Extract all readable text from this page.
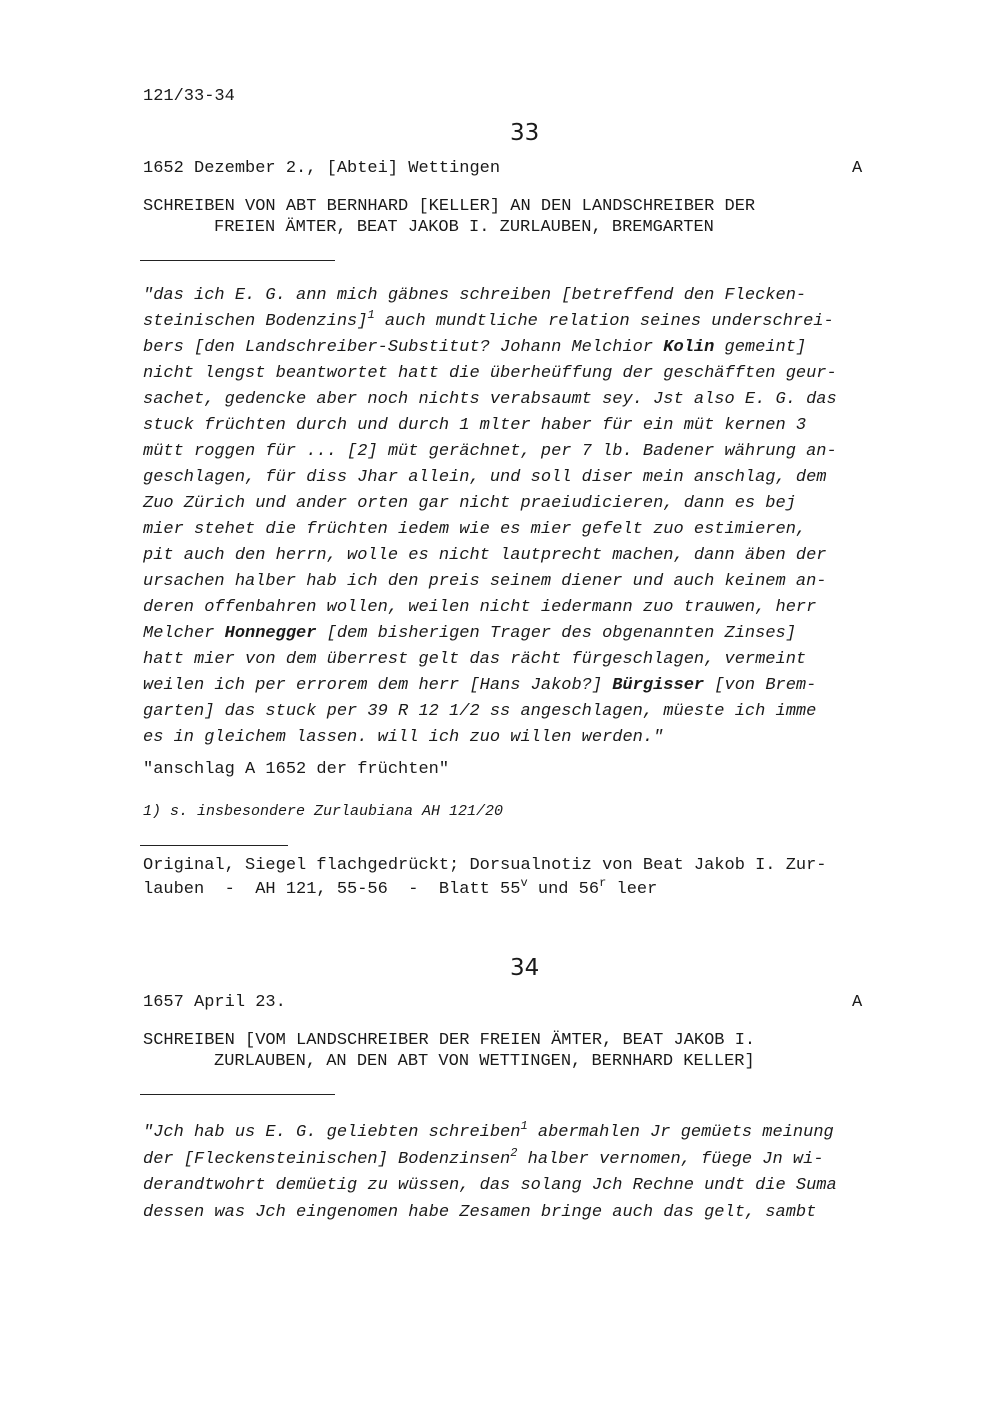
121/33-34
33
1652 Dezember 2., [Abtei] Wettingen	A
SCHREIBEN VON ABT BERNHARD [KELLER] AN DEN LANDSCHREIBER DER
FREIEN ÄMTER, BEAT JAKOB I. ZURLAUBEN, BREMGARTEN
"das ich E. G. ann mich gäbnes schreiben [betreffend den Flecken-
steinischen Bodenzins]$^1$ auch mundtliche relation seines underschrei-
bers [den Landschreiber-Substitut? Johann Melchior Kolin gemeint]
nicht lengst beantwortet hatt die überheüffung der geschäfften geur-
sachet, gedencke aber noch nichts verabsaumt sey. Jst also E. G. das
stuck früchten durch und durch 1 mlter haber für ein müt kernen 3
mütt roggen für ... [2] müt gerächnet, per 7 lb. Badener währung an-
geschlagen, für diss Jhar allein, und soll diser mein anschlag, dem
Zuo Zürich und ander orten gar nicht praeiudicieren, dann es bej
mier stehet die früchten iedem wie es mier gefelt zuo estimieren,
pit auch den herrn, wolle es nicht lautprecht machen, dann äben der
ursachen halber hab ich den preis seinem diener und auch keinem an-
deren offenbahren wollen, weilen nicht iedermann zuo trauwen, herr
Melcher Honnegger [dem bisherigen Trager des obgenannten Zinses]
hatt mier von dem überrest gelt das rächt fürgeschlagen, vermeint
weilen ich per errorem dem herr [Hans Jakob?] Bürgisser [von Brem-
garten] das stuck per 39 R 12 1/2 ss angeschlagen, müeste ich imme
es in gleichem lassen. will ich zuo willen werden."
"anschlag A 1652 der früchten"
1) s. insbesondere Zurlaubiana AH 121/20
Original, Siegel flachgedrückt; Dorsualnotiz von Beat Jakob I. Zur-
lauben  -  AH 121, 55-56  -  Blatt 55$^v$ und 56$^r$ leer
34
1657 April 23.	A
SCHREIBEN [VOM LANDSCHREIBER DER FREIEN ÄMTER, BEAT JAKOB I.
ZURLAUBEN, AN DEN ABT VON WETTINGEN, BERNHARD KELLER]
"Jch hab us E. G. geliebten schreiben$^1$ abermahlen Jr gemüets meinung
der [Fleckensteinischen] Bodenzinsen$^2$ halber vernomen, füege Jn wi-
derandtwohrt demüetig zu wüssen, das solang Jch Rechne undt die Suma
dessen was Jch eingenomen habe Zesamen bringe auch das gelt, sambt
